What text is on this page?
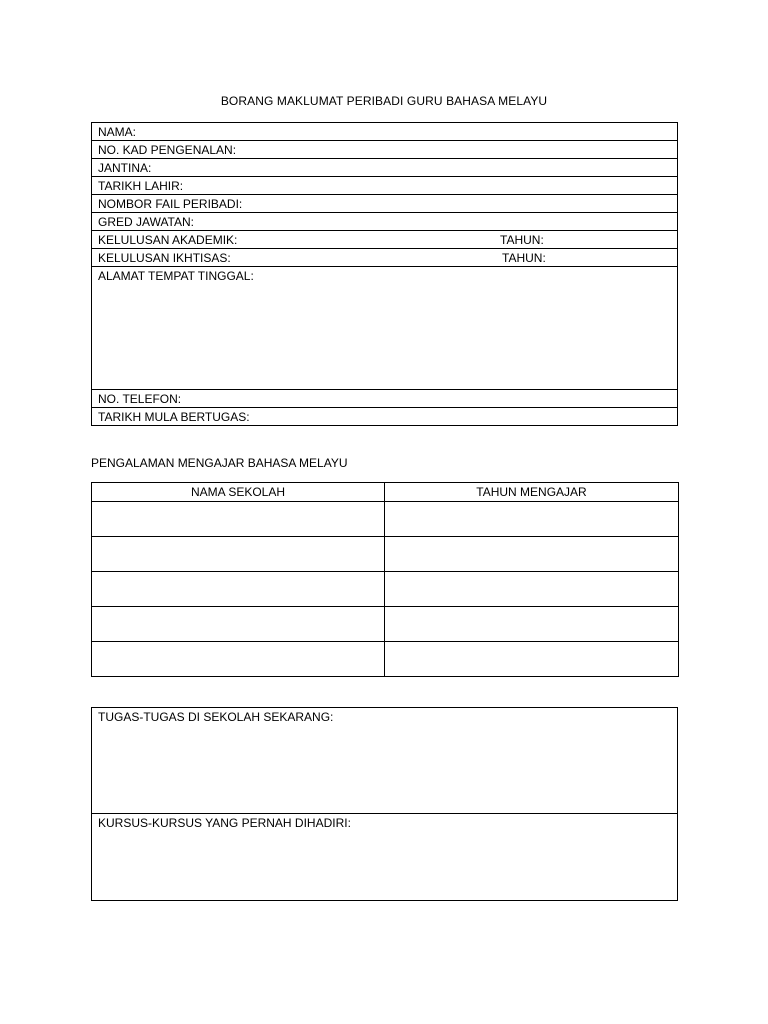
BORANG MAKLUMAT PERIBADI GURU BAHASA MELAYU
NAMA:
NO. KAD PENGENALAN:
JANTINA:
TARIKH LAHIR:
NOMBOR FAIL PERIBADI:
GRED JAWATAN:
KELULUSAN AKADEMIK:	TAHUN:
KELULUSAN IKHTISAS:	TAHUN:
ALAMAT TEMPAT TINGGAL:
NO. TELEFON:
TARIKH MULA BERTUGAS:
PENGALAMAN MENGAJAR BAHASA MELAYU
NAMA SEKOLAH	TAHUN MENGAJAR

TUGAS-TUGAS DI SEKOLAH SEKARANG:
KURSUS-KURSUS YANG PERNAH DIHADIRI:
